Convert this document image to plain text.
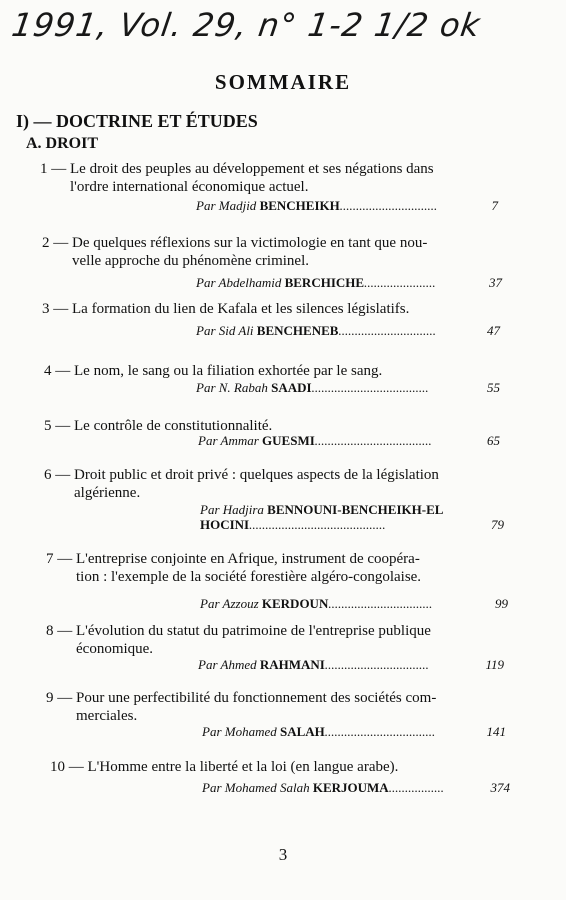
1991, Vol. 29, n° 1-2 1/2 ok
SOMMAIRE
I) — DOCTRINE ET ÉTUDES
A. DROIT
1 — Le droit des peuples au développement et ses négations dans
l'ordre international économique actuel.
Par Madjid BENCHEIKH..............................	7
2 — De quelques réflexions sur la victimologie en tant que nou-
velle approche du phénomène criminel.
Par Abdelhamid BERCHICHE......................	37
3 — La formation du lien de Kafala et les silences législatifs.
Par Sid Ali BENCHENEB..............................	47
4 — Le nom, le sang ou la filiation exhortée par le sang.
Par N. Rabah SAADI....................................	55
5 — Le contrôle de constitutionnalité.
Par Ammar GUESMI....................................	65
6 — Droit public et droit privé : quelques aspects de la législation
algérienne.
Par Hadjira BENNOUNI-BENCHEIKH-EL
HOCINI..........................................	79
7 — L'entreprise conjointe en Afrique, instrument de coopéra-
tion : l'exemple de la société forestière algéro-congolaise.
Par Azzouz KERDOUN................................	99
8 — L'évolution du statut du patrimoine de l'entreprise publique
économique.
Par Ahmed RAHMANI................................	119
9 — Pour une perfectibilité du fonctionnement des sociétés com-
merciales.
Par Mohamed SALAH..................................	141
10 — L'Homme entre la liberté et la loi (en langue arabe).
Par Mohamed Salah KERJOUMA.................	374
3
